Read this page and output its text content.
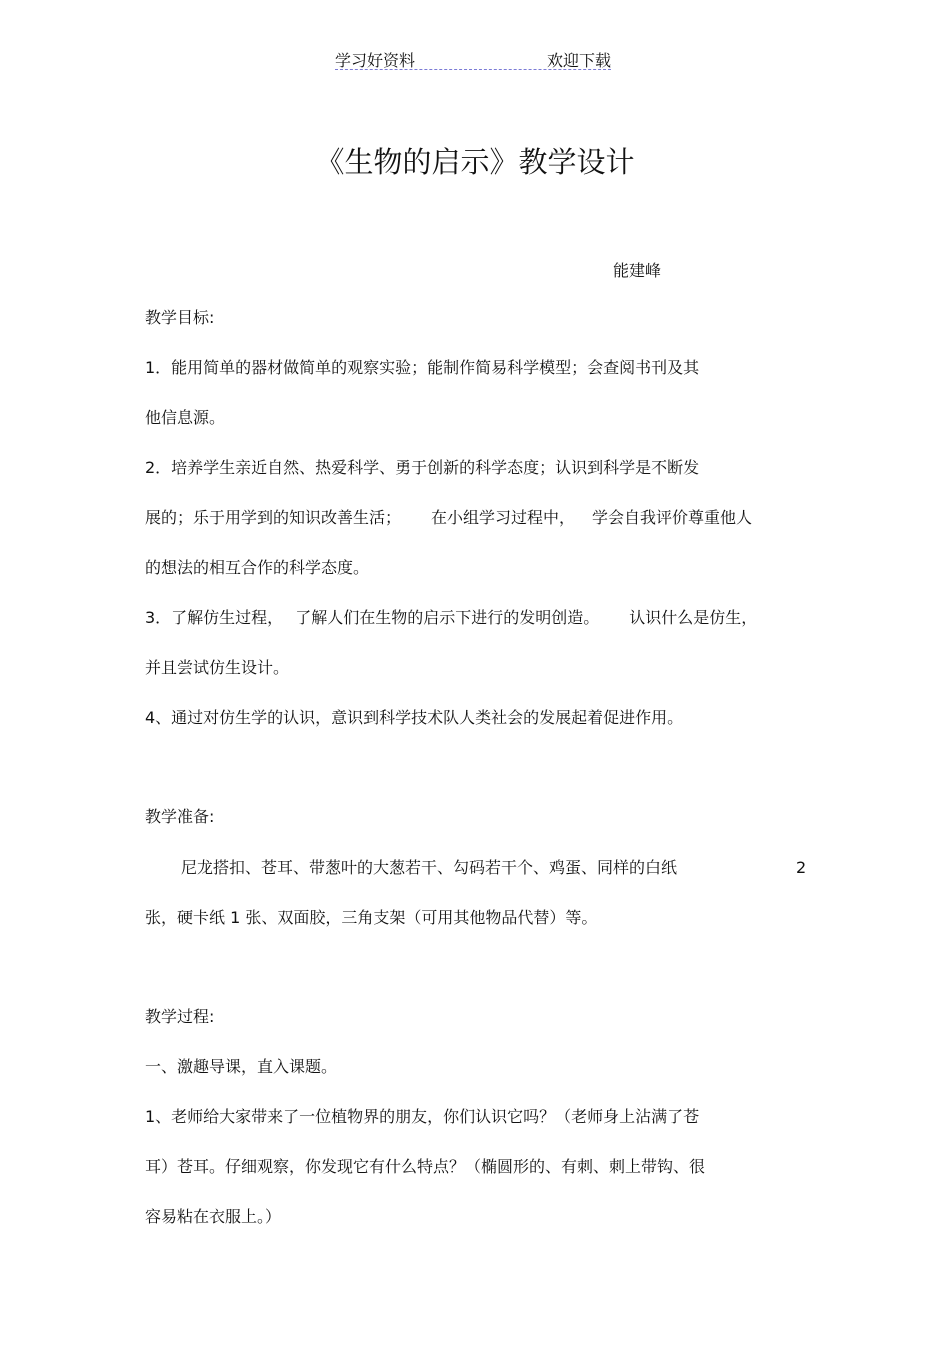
学习好资料	欢迎下载
《生物的启示》教学设计
能建峰
教学目标:
1．能用简单的器材做简单的观察实验；能制作简易科学模型；会查阅书刊及其
他信息源。
2．培养学生亲近自然、热爱科学、勇于创新的科学态度；认识到科学是不断发
展的；乐于用学到的知识改善生活； 在小组学习过程中， 学会自我评价尊重他人
的想法的相互合作的科学态度。
3．了解仿生过程， 了解人们在生物的启示下进行的发明创造。 认识什么是仿生，
并且尝试仿生设计。
4、通过对仿生学的认识，意识到科学技术队人类社会的发展起着促进作用。
教学准备:
尼龙搭扣、苍耳、带葱叶的大葱若干、勾码若干个、鸡蛋、同样的白纸	2
张，硬卡纸 1 张、双面胶，三角支架（可用其他物品代替）等。
教学过程:
一、激趣导课，直入课题。
1、老师给大家带来了一位植物界的朋友，你们认识它吗？（老师身上沾满了苍
耳）苍耳。仔细观察，你发现它有什么特点？（椭圆形的、有刺、刺上带钩、很
容易粘在衣服上。）
